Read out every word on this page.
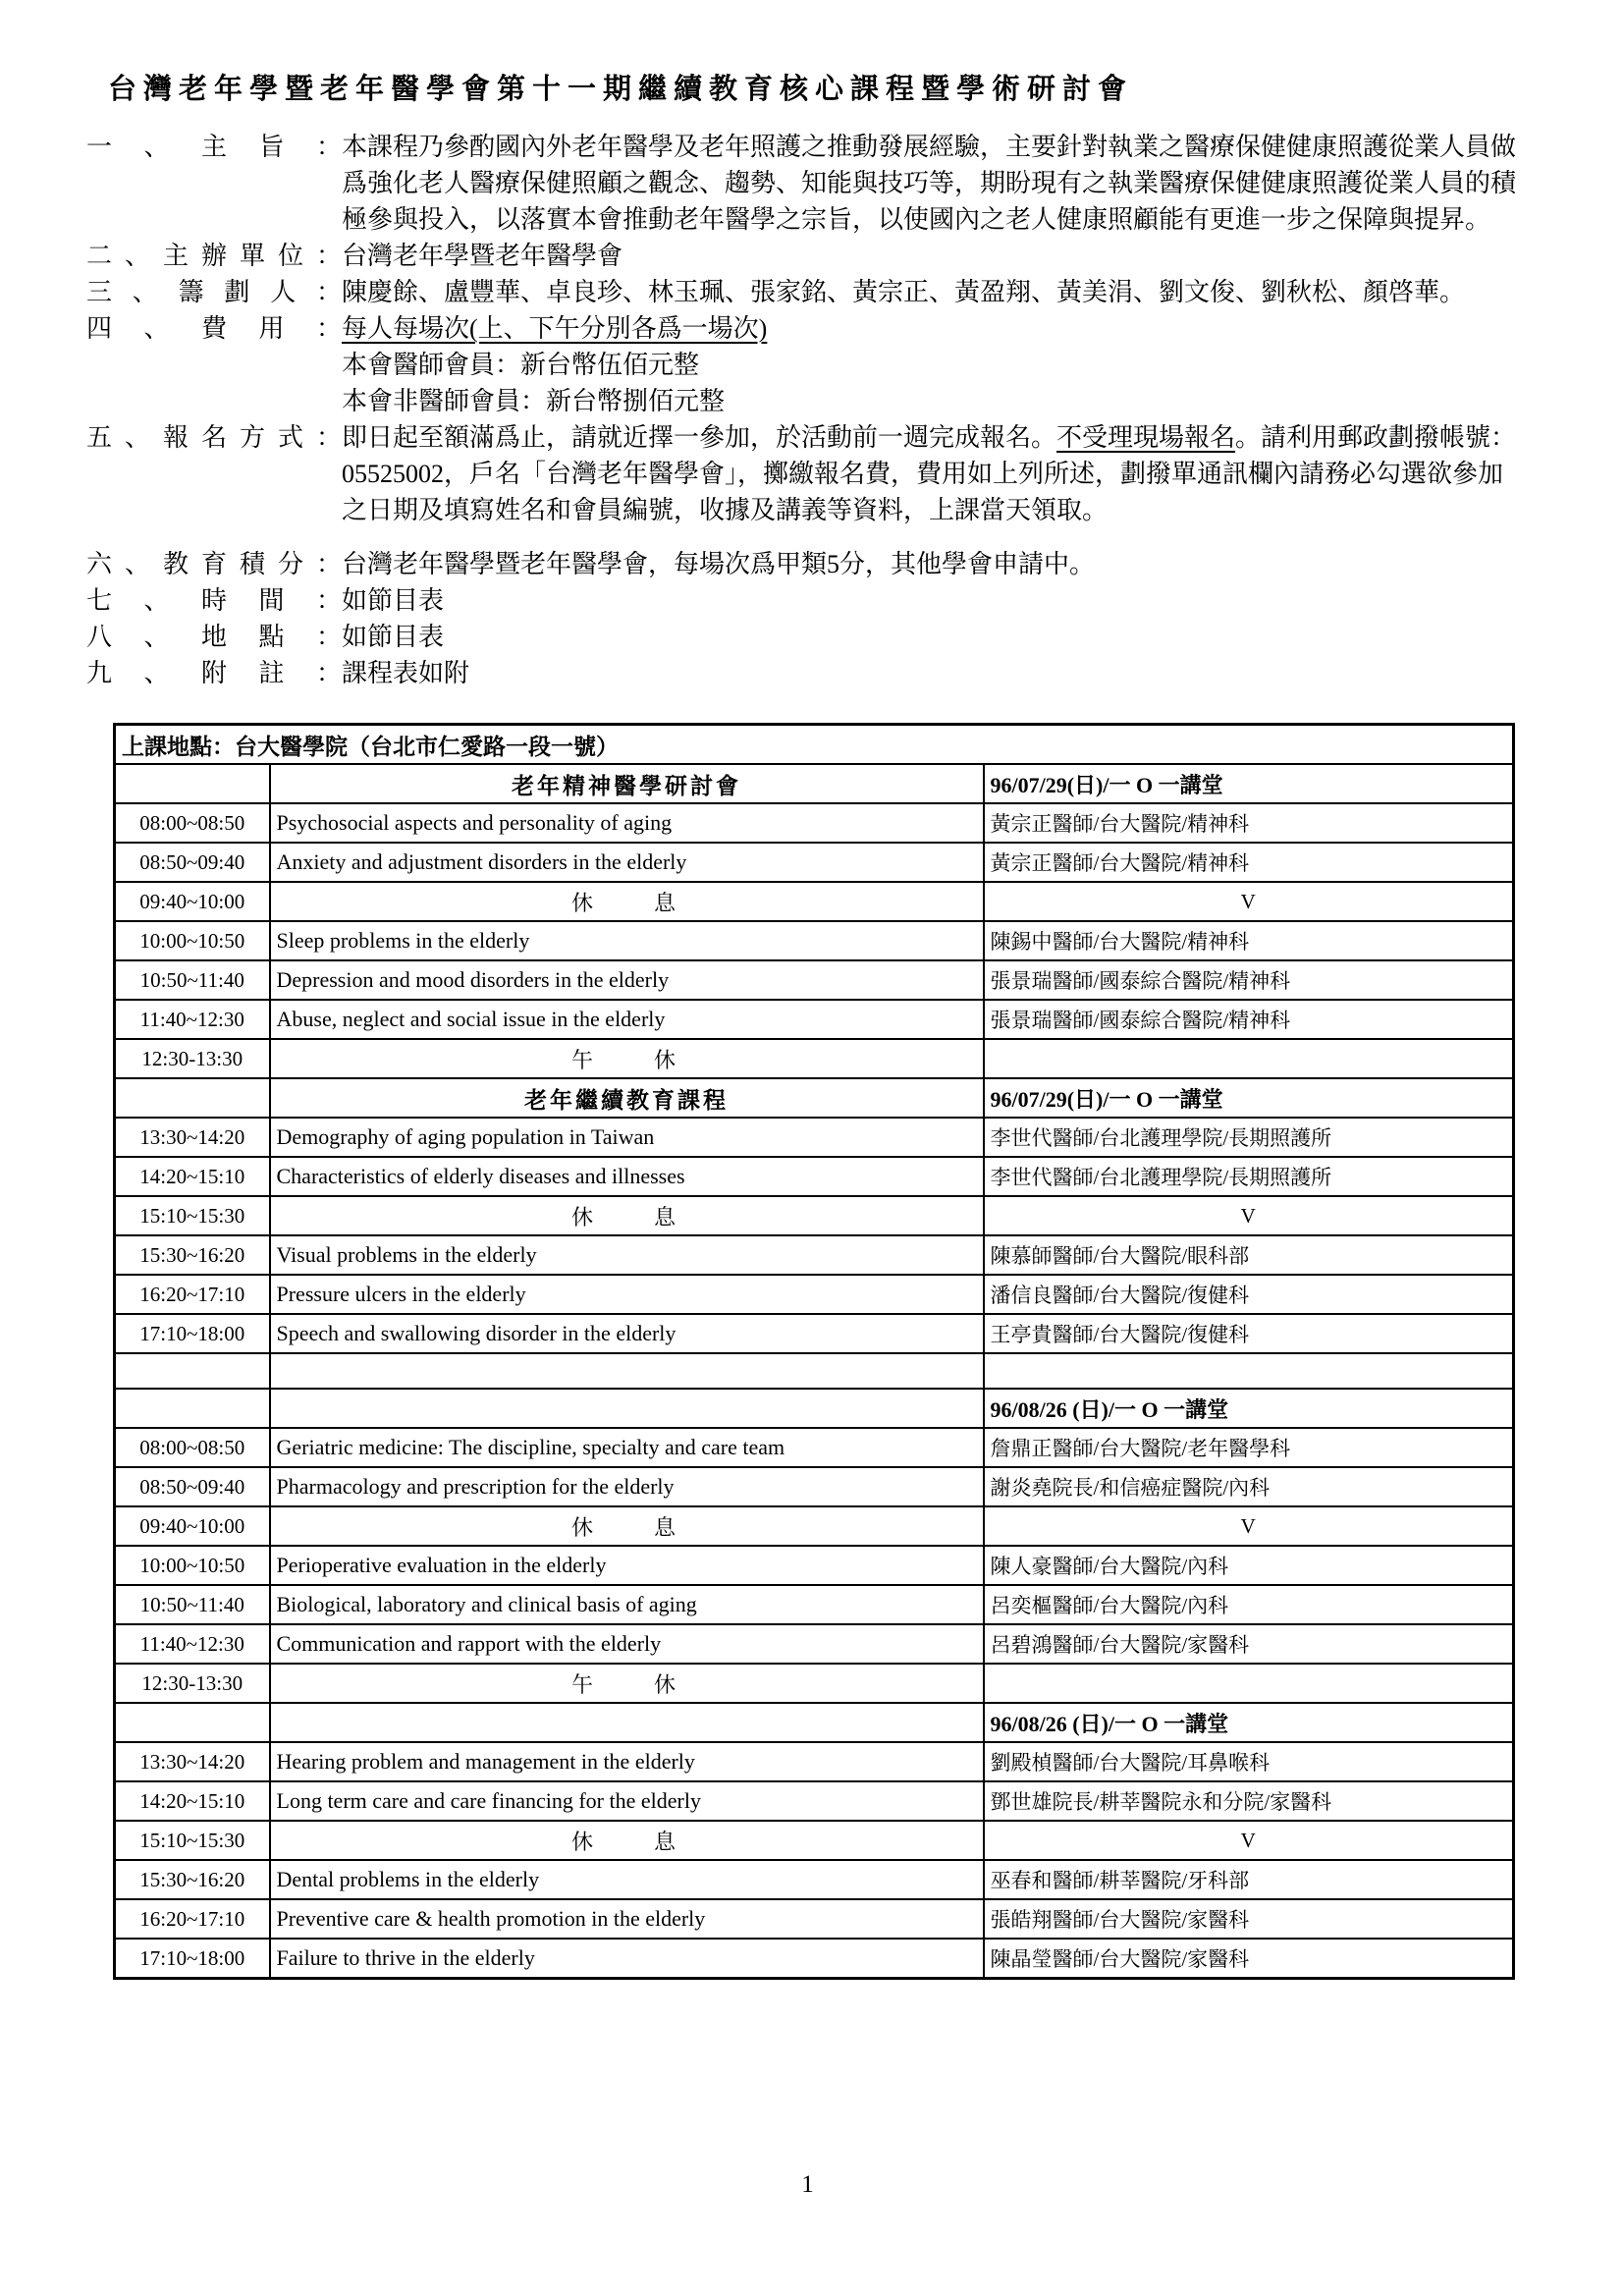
台灣老年學暨老年醫學會第十一期繼續教育核心課程暨學術研討會
一、主旨： 本課程乃參酌國內外老年醫學及老年照護之推動發展經驗，主要針對執業之醫療保健健康照護從業人員做爲強化老人醫療保健照顧之觀念、趨勢、知能與技巧等，期盼現有之執業醫療保健健康照護從業人員的積極參與投入，以落實本會推動老年醫學之宗旨，以使國內之老人健康照顧能有更進一步之保障與提昇。
二、主辦單位： 台灣老年學暨老年醫學會
三、籌劃人： 陳慶餘、盧豐華、卓良珍、林玉珮、張家銘、黃宗正、黃盈翔、黃美涓、劉文俊、劉秋松、顏啓華。
四、費用： 每人每場次(上、下午分別各爲一場次)
本會醫師會員：新台幣伍佰元整
本會非醫師會員：新台幣捌佰元整
五、報名方式： 即日起至額滿爲止，請就近擇一參加，於活動前一週完成報名。不受理現場報名。請利用郵政劃撥帳號：05525002，戶名「台灣老年醫學會」，擲繳報名費，費用如上列所述，劃撥單通訊欄內請務必勾選欲參加之日期及填寫姓名和會員編號，收據及講義等資料，上課當天領取。
六、教育積分： 台灣老年醫學暨老年醫學會，每場次爲甲類5分，其他學會申請中。
七、時間： 如節目表
八、地點： 如節目表
九、附註： 課程表如附
上課地點：台大醫學院（台北市仁愛路一段一號）		
	老年精神醫學研討會	96/07/29(日)/一 O 一講堂
08:00~08:50	Psychosocial aspects and personality of aging	黃宗正醫師/台大醫院/精神科
08:50~09:40	Anxiety and adjustment disorders in the elderly	黃宗正醫師/台大醫院/精神科
09:40~10:00	休　　息	V
10:00~10:50	Sleep problems in the elderly	陳錫中醫師/台大醫院/精神科
10:50~11:40	Depression and mood disorders in the elderly	張景瑞醫師/國泰綜合醫院/精神科
11:40~12:30	Abuse, neglect and social issue in the elderly	張景瑞醫師/國泰綜合醫院/精神科
12:30-13:30	午　　休	
	老年繼續教育課程	96/07/29(日)/一 O 一講堂
13:30~14:20	Demography of aging population in Taiwan	李世代醫師/台北護理學院/長期照護所
14:20~15:10	Characteristics of elderly diseases and illnesses	李世代醫師/台北護理學院/長期照護所
15:10~15:30	休　　息	V
15:30~16:20	Visual problems in the elderly	陳慕師醫師/台大醫院/眼科部
16:20~17:10	Pressure ulcers in the elderly	潘信良醫師/台大醫院/復健科
17:10~18:00	Speech and swallowing disorder in the elderly	王亭貴醫師/台大醫院/復健科

		96/08/26 (日)/一 O 一講堂
08:00~08:50	Geriatric medicine: The discipline, specialty and care team	詹鼎正醫師/台大醫院/老年醫學科
08:50~09:40	Pharmacology and prescription for the elderly	謝炎堯院長/和信癌症醫院/內科
09:40~10:00	休　　息	V
10:00~10:50	Perioperative evaluation in the elderly	陳人豪醫師/台大醫院/內科
10:50~11:40	Biological, laboratory and clinical basis of aging	呂奕樞醫師/台大醫院/內科
11:40~12:30	Communication and rapport with the elderly	呂碧鴻醫師/台大醫院/家醫科
12:30-13:30	午　　休	
		96/08/26 (日)/一 O 一講堂
13:30~14:20	Hearing problem and management in the elderly	劉殿楨醫師/台大醫院/耳鼻喉科
14:20~15:10	Long term care and care financing for the elderly	鄧世雄院長/耕莘醫院永和分院/家醫科
15:10~15:30	休　　息	V
15:30~16:20	Dental problems in the elderly	巫春和醫師/耕莘醫院/牙科部
16:20~17:10	Preventive care & health promotion in the elderly	張皓翔醫師/台大醫院/家醫科
17:10~18:00	Failure to thrive in the elderly	陳晶瑩醫師/台大醫院/家醫科
1
